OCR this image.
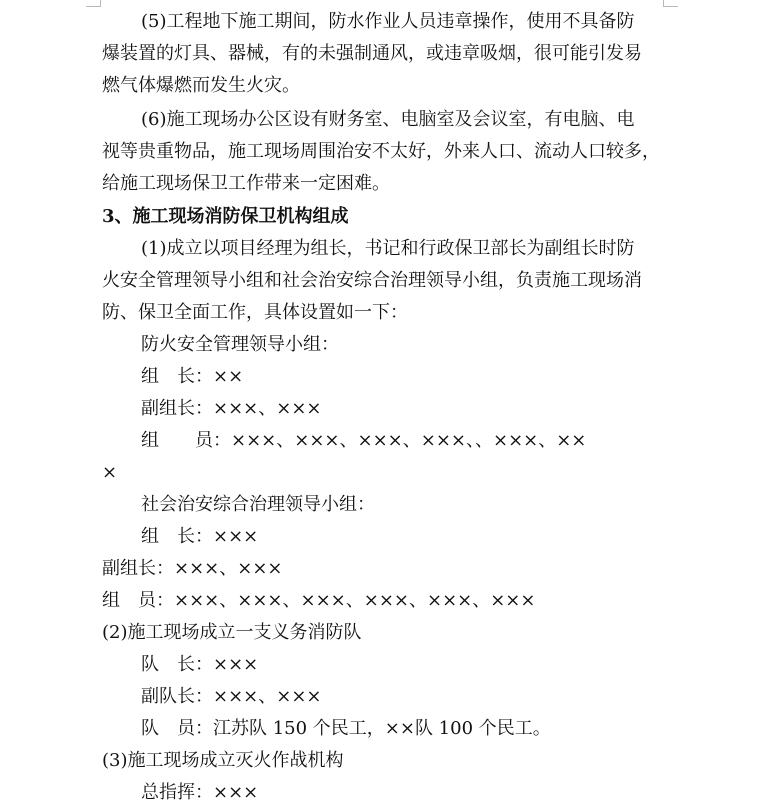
(5)工程地下施工期间，防水作业人员违章操作，使用不具备防
爆装置的灯具、器械，有的未强制通风，或违章吸烟，很可能引发易
燃气体爆燃而发生火灾。
(6)施工现场办公区设有财务室、电脑室及会议室，有电脑、电
视等贵重物品，施工现场周围治安不太好，外来人口、流动人口较多，
给施工现场保卫工作带来一定困难。
3、施工现场消防保卫机构组成
(1)成立以项目经理为组长，书记和行政保卫部长为副组长时防
火安全管理领导小组和社会治安综合治理领导小组，负责施工现场消
防、保卫全面工作，具体设置如一下：
防火安全管理领导小组：
组　长：××
副组长：×××、×××
组　　员：×××、×××、×××、×××、、×××、××
×
社会治安综合治理领导小组：
组　长：×××
副组长：×××、×××
组　员：×××、×××、×××、×××、×××、×××
(2)施工现场成立一支义务消防队
队　长：×××
副队长：×××、×××
队　员：江苏队 150 个民工，××队 100 个民工。
(3)施工现场成立灭火作战机构
总指挥：×××
